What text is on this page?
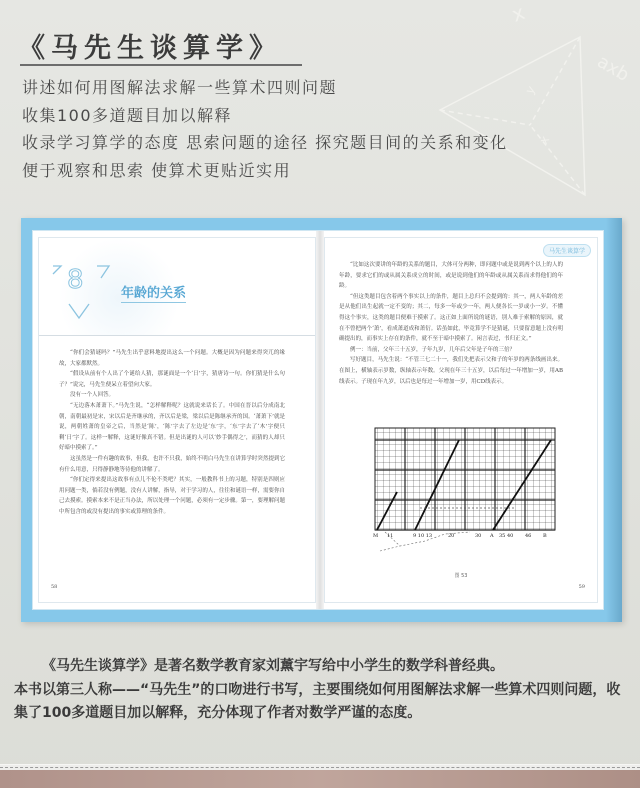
x
axb
y
x
《马先生谈算学》
讲述如何用图解法求解一些算术四则问题
收集100多道题目加以解释
收录学习算学的态度 思索问题的途径 探究题目间的关系和变化
便于观察和思索 使算术更贴近实用
8	年龄的关系

“你们会猜谜吗？”马先生出乎意料地提出这么一个问题。大概是因为问题来得突兀的缘故，大家都默然。

“假设从前有个人出了个谜给人猜，那谜面是一个‘日’字，猜唐诗一句。你们猜是什么句子？”说完，马先生便呆立着望向大家。

没有一个人回答。

“无边落木萧萧下。”马先生说，“怎样解释呢？这就说来话长了。中国在晋以后分成南北朝，南朝最初是宋，宋以后是齐继承的，齐以后是梁，梁以后是陈继承齐的国。‘萧萧下’就是说，两朝姓萧的皇帝之后，当然是‘陈’，‘陈’字去了左边是‘东’字，‘东’字去了‘木’字便只剩‘日’字了。这样一解释，这谜好像真不错。但是出谜的人可以‘妙手偶得之’，而猜的人却只好暗中摸索了。”

这虽然是一件有趣的故事，但我，也许不只我，始终不明白马先生在讲算学时突然提到它有什么用意，只得静静地等待他的讲解了。

“你们定得来提出这故事有点儿不伦不类吧？其实，一般教科书上的习题，特别是四则应用问题一类，倘若没有例题，没有人讲解，指导，对于学习的人，往往和谜语一样，需要你自己去摸索。摸索本来不是正当办法，所以处理一个问题，必须有一定步骤。第一，要理解问题中所包含的或没有提出的事实或算理的条件。

58
马先生谈算学

“比如这次要讲的年龄的关系的题目，大体可分两种，即问题中或是说到两个以上的人的年龄，要求它们的或从属关系成立的时间，或是说到他们的年龄或从属关系而求得他们的年龄。

“但这类题目包含着两个事实以上的条件，题目上总归不会提到的：其一，两人年龄的差是从他们出生起就一定不变的；其二，每多一年或少一年，两人便各长一岁或小一岁。不懂得这个事实，这类的题目便难于摸索了。这正如上面所说的谜语，别人难于索解的原因，就在不曾把两个‘萧’，看成萧道成和萧衍。话虽如此，毕竟算学不是猜谜，只要留意题上没有明确提出的，而事实上存在的条件，就不至于暗中摸索了。闲言表过，书归正文。”

例一：当前，父年三十五岁，子年九岁，几年后父年是子年的三倍？

写好题目，马先生说：“不管三七二十一，我们先把表示父和子的年岁的两条线画出来。在图上，横轴表示岁数，纵轴表示年数。父现在年三十五岁，以后每过一年增加一岁，用AB线表示。子现在年九岁，以后也是每过一年增加一岁，用CD线表示。

M 11	9 10 13	20	30 A 35 40 46 B
图 53
59

《马先生谈算学》是著名数学教育家刘薰宇写给中小学生的数学科普经典。

本书以第三人称——“马先生”的口吻进行书写，主要围绕如何用图解法求解一些算术四则问题，收集了100多道题目加以解释，充分体现了作者对数学严谨的态度。
